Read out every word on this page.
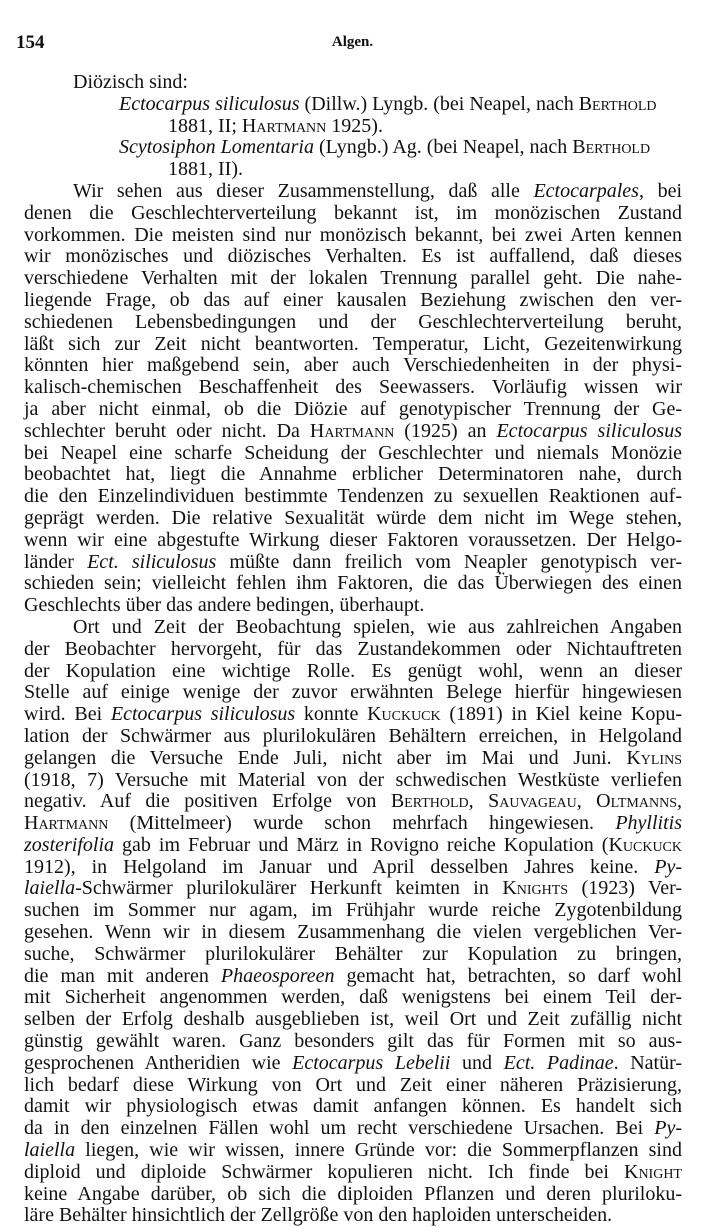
154	Algen.
Diözisch sind:
Ectocarpus siliculosus (Dillw.) Lyngb. (bei Neapel, nach Berthold
1881, II; Hartmann 1925).
Scytosiphon Lomentaria (Lyngb.) Ag. (bei Neapel, nach Berthold
1881, II).
Wir sehen aus dieser Zusammenstellung, daß alle Ectocarpales, bei
denen die Geschlechterverteilung bekannt ist, im monözischen Zustand
vorkommen. Die meisten sind nur monözisch bekannt, bei zwei Arten kennen
wir monözisches und diözisches Verhalten. Es ist auffallend, daß dieses
verschiedene Verhalten mit der lokalen Trennung parallel geht. Die nahe-
liegende Frage, ob das auf einer kausalen Beziehung zwischen den ver-
schiedenen Lebensbedingungen und der Geschlechterverteilung beruht,
läßt sich zur Zeit nicht beantworten. Temperatur, Licht, Gezeitenwirkung
könnten hier maßgebend sein, aber auch Verschiedenheiten in der physi-
kalisch-chemischen Beschaffenheit des Seewassers. Vorläufig wissen wir
ja aber nicht einmal, ob die Diözie auf genotypischer Trennung der Ge-
schlechter beruht oder nicht. Da Hartmann (1925) an Ectocarpus siliculosus
bei Neapel eine scharfe Scheidung der Geschlechter und niemals Monözie
beobachtet hat, liegt die Annahme erblicher Determinatoren nahe, durch
die den Einzelindividuen bestimmte Tendenzen zu sexuellen Reaktionen auf-
geprägt werden. Die relative Sexualität würde dem nicht im Wege stehen,
wenn wir eine abgestufte Wirkung dieser Faktoren voraussetzen. Der Helgo-
länder Ect. siliculosus müßte dann freilich vom Neapler genotypisch ver-
schieden sein; vielleicht fehlen ihm Faktoren, die das Überwiegen des einen
Geschlechts über das andere bedingen, überhaupt.
Ort und Zeit der Beobachtung spielen, wie aus zahlreichen Angaben
der Beobachter hervorgeht, für das Zustandekommen oder Nichtauftreten
der Kopulation eine wichtige Rolle. Es genügt wohl, wenn an dieser
Stelle auf einige wenige der zuvor erwähnten Belege hierfür hingewiesen
wird. Bei Ectocarpus siliculosus konnte Kuckuck (1891) in Kiel keine Kopu-
lation der Schwärmer aus plurilokulären Behältern erreichen, in Helgoland
gelangen die Versuche Ende Juli, nicht aber im Mai und Juni. Kylins
(1918, 7) Versuche mit Material von der schwedischen Westküste verliefen
negativ. Auf die positiven Erfolge von Berthold, Sauvageau, Oltmanns,
Hartmann (Mittelmeer) wurde schon mehrfach hingewiesen. Phyllitis
zosterifolia gab im Februar und März in Rovigno reiche Kopulation (Kuckuck
1912), in Helgoland im Januar und April desselben Jahres keine. Py-
laiella-Schwärmer plurilokulärer Herkunft keimten in Knights (1923) Ver-
suchen im Sommer nur agam, im Frühjahr wurde reiche Zygotenbildung
gesehen. Wenn wir in diesem Zusammenhang die vielen vergeblichen Ver-
suche, Schwärmer plurilokulärer Behälter zur Kopulation zu bringen,
die man mit anderen Phaeosporeen gemacht hat, betrachten, so darf wohl
mit Sicherheit angenommen werden, daß wenigstens bei einem Teil der-
selben der Erfolg deshalb ausgeblieben ist, weil Ort und Zeit zufällig nicht
günstig gewählt waren. Ganz besonders gilt das für Formen mit so aus-
gesprochenen Antheridien wie Ectocarpus Lebelii und Ect. Padinae. Natür-
lich bedarf diese Wirkung von Ort und Zeit einer näheren Präzisierung,
damit wir physiologisch etwas damit anfangen können. Es handelt sich
da in den einzelnen Fällen wohl um recht verschiedene Ursachen. Bei Py-
laiella liegen, wie wir wissen, innere Gründe vor: die Sommerpflanzen sind
diploid und diploide Schwärmer kopulieren nicht. Ich finde bei Knight
keine Angabe darüber, ob sich die diploiden Pflanzen und deren pluriloku-
läre Behälter hinsichtlich der Zellgröße von den haploiden unterscheiden.
